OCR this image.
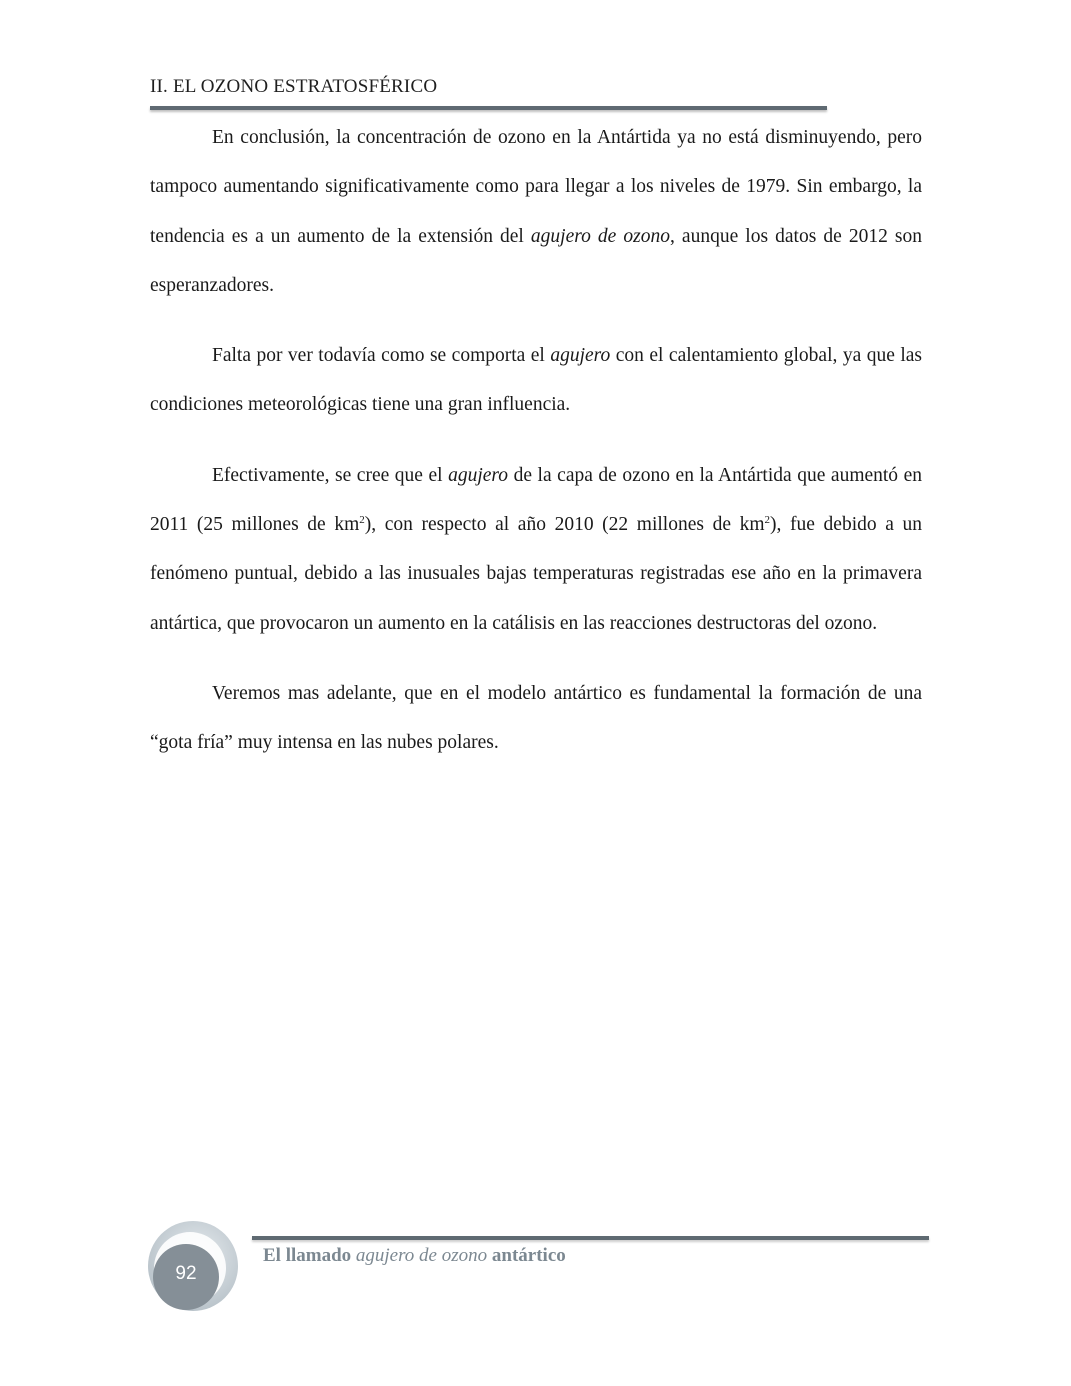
II. EL OZONO ESTRATOSFÉRICO

En conclusión, la concentración de ozono en la Antártida ya no está disminuyendo, pero tampoco aumentando significativamente como para llegar a los niveles de 1979. Sin embargo, la tendencia es a un aumento de la extensión del agujero de ozono, aunque los datos de 2012 son esperanzadores.

Falta por ver todavía como se comporta el agujero con el calentamiento global, ya que las condiciones meteorológicas tiene una gran influencia.

Efectivamente, se cree que el agujero de la capa de ozono en la Antártida que aumentó en 2011 (25 millones de $km^2$), con respecto al año 2010 (22 millones de $km^2$), fue debido a un fenómeno puntual, debido a las inusuales bajas temperaturas registradas ese año en la primavera antártica, que provocaron un aumento en la catálisis en las reacciones destructoras del ozono.

Veremos mas adelante, que en el modelo antártico es fundamental la formación de una “gota fría” muy intensa en las nubes polares.

92
El llamado agujero de ozono antártico
